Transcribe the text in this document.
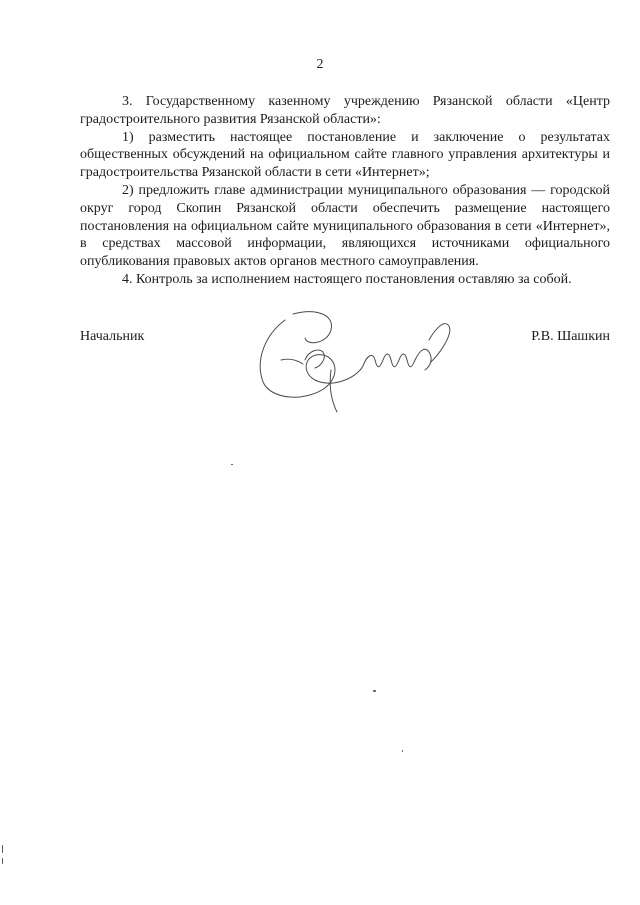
2

3. Государственному казенному учреждению Рязанской области «Центр градостроительного развития Рязанской области»:

1) разместить настоящее постановление и заключение о результатах общественных обсуждений на официальном сайте главного управления архитектуры и градостроительства Рязанской области в сети «Интернет»;

2) предложить главе администрации муниципального образования — городской округ город Скопин Рязанской области обеспечить размещение настоящего постановления на официальном сайте муниципального образования в сети «Интернет», в средствах массовой информации, являющихся источниками официального опубликования правовых актов органов местного самоуправления.

4. Контроль за исполнением настоящего постановления оставляю за собой.

Начальник	Р.В. Шашкин
